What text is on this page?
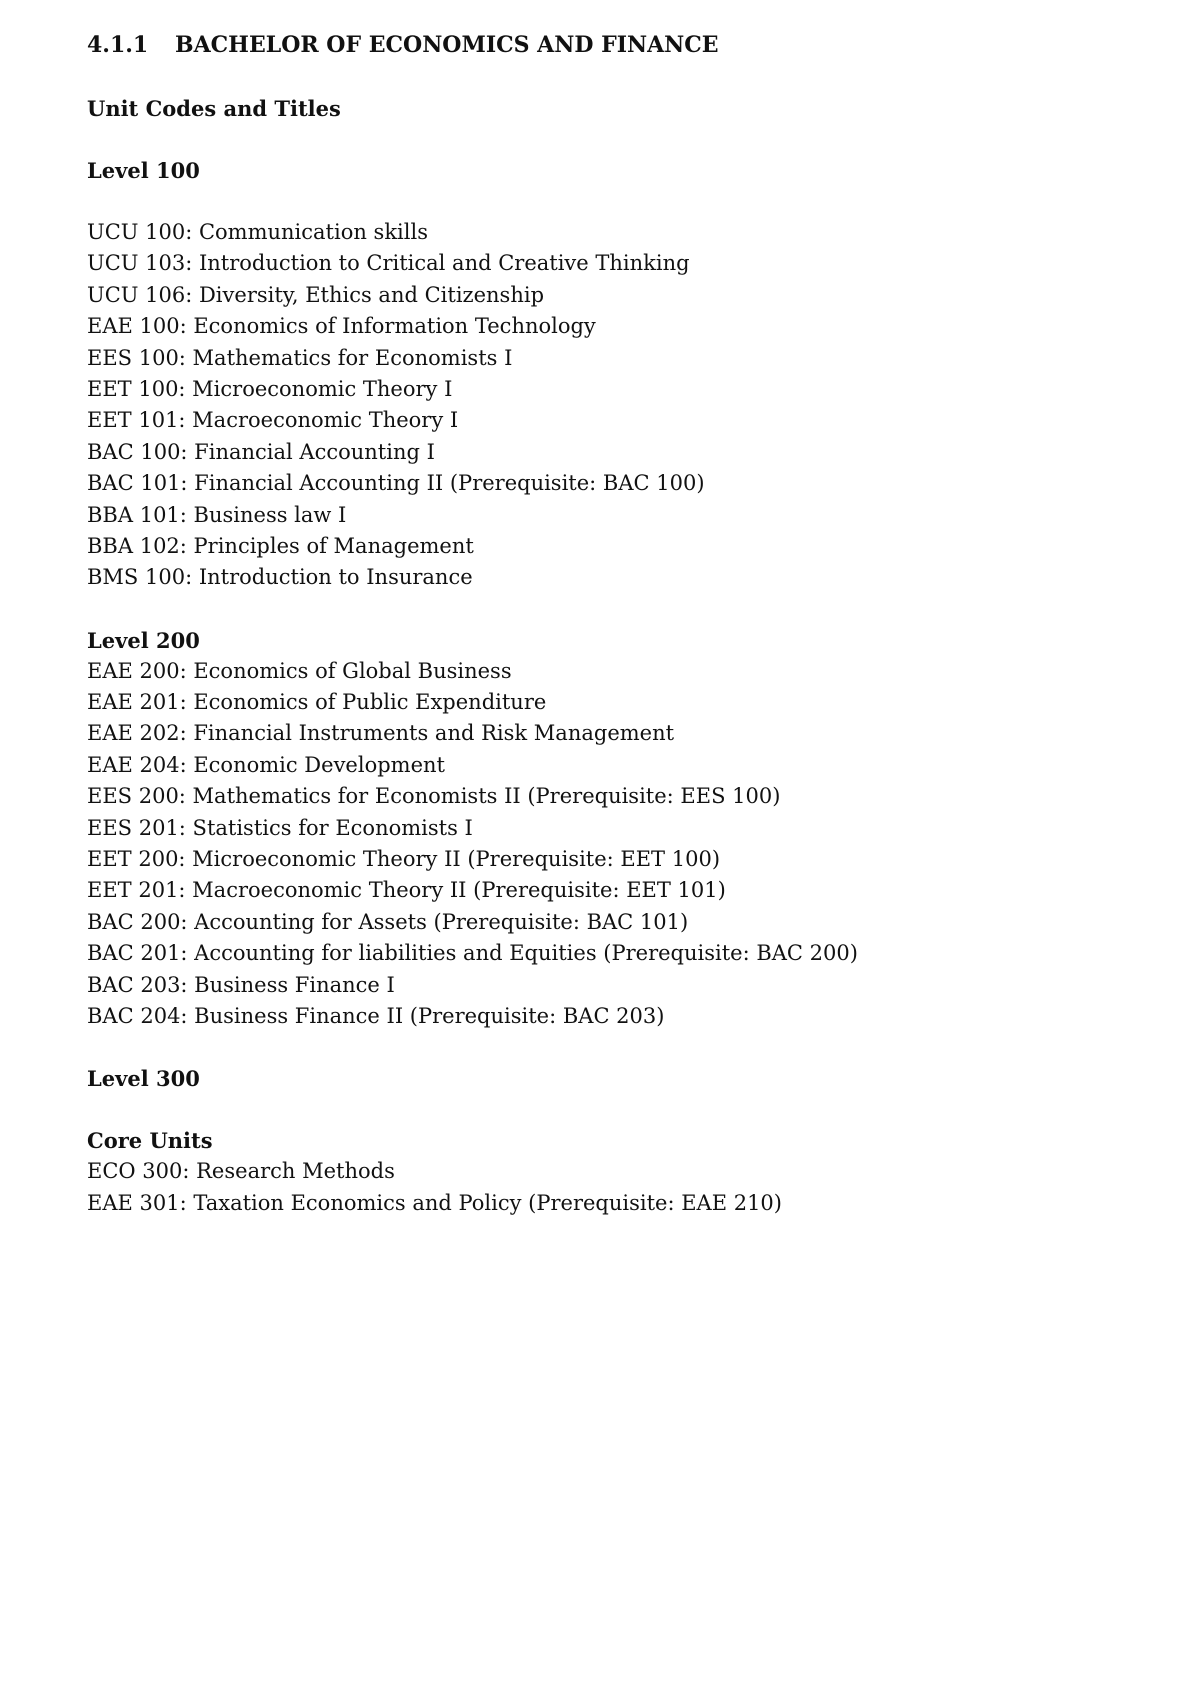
4.1.1 BACHELOR OF ECONOMICS AND FINANCE
Unit Codes and Titles
Level 100
UCU 100: Communication skills
UCU 103: Introduction to Critical and Creative Thinking
UCU 106: Diversity, Ethics and Citizenship
EAE 100: Economics of Information Technology
EES 100: Mathematics for Economists I
EET 100: Microeconomic Theory I
EET 101: Macroeconomic Theory I
BAC 100: Financial Accounting I
BAC 101: Financial Accounting II (Prerequisite: BAC 100)
BBA 101: Business law I
BBA 102: Principles of Management
BMS 100: Introduction to Insurance
Level 200
EAE 200: Economics of Global Business
EAE 201: Economics of Public Expenditure
EAE 202: Financial Instruments and Risk Management
EAE 204: Economic Development
EES 200: Mathematics for Economists II (Prerequisite: EES 100)
EES 201: Statistics for Economists I
EET 200: Microeconomic Theory II (Prerequisite: EET 100)
EET 201: Macroeconomic Theory II (Prerequisite: EET 101)
BAC 200: Accounting for Assets (Prerequisite: BAC 101)
BAC 201: Accounting for liabilities and Equities (Prerequisite: BAC 200)
BAC 203: Business Finance I
BAC 204: Business Finance II (Prerequisite: BAC 203)
Level 300
Core Units
ECO 300: Research Methods
EAE 301: Taxation Economics and Policy (Prerequisite: EAE 210)
